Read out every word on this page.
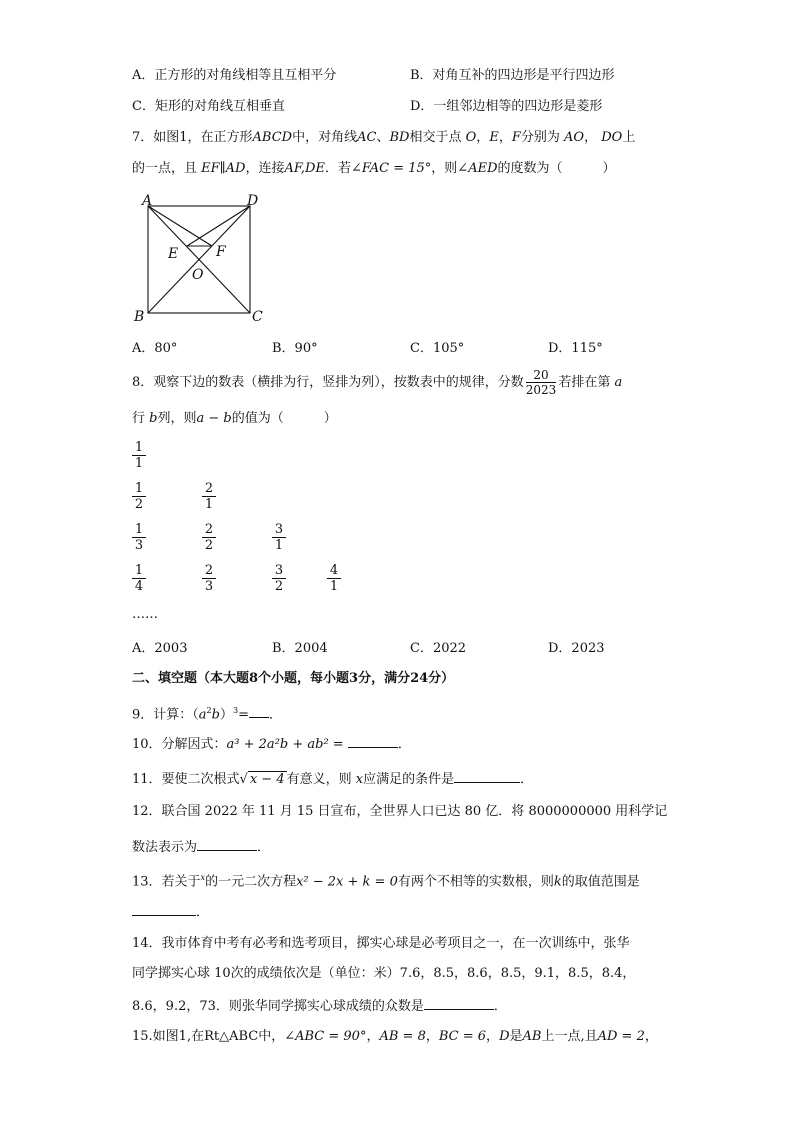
A．正方形的对角线相等且互相平分	B．对角互补的四边形是平行四边形
C．矩形的对角线互相垂直	D．一组邻边相等的四边形是菱形
7．如图1，在正方形ABCD中，对角线AC、BD相交于点 O，E，F分别为 AO， DO上
的一点，且 EF∥AD，连接AF,DE．若∠FAC = 15°，则∠AED的度数为（	）
A	D
B	C
E	F
O
A．80°	B．90°	C．105°	D．115°
8．观察下边的数表（横排为行，竖排为列），按数表中的规律，分数 $\frac{20}{2023}$ 若排在第 a
行 b列，则a − b的值为（	）
$\frac{1}{1}$
$\frac{1}{2}$	$\frac{2}{1}$
$\frac{1}{3}$	$\frac{2}{2}$	$\frac{3}{1}$
$\frac{1}{4}$	$\frac{2}{3}$	$\frac{3}{2}$	$\frac{4}{1}$
……
A．2003	B．2004	C．2022	D．2023
二、填空题（本大题8个小题，每小题3分，满分24分）
9．计算：$(a^2b)^3=$ ．
10．分解因式：a³ + 2a²b + ab² =	．
11．要使二次根式√ x − 4 有意义，则 x应满足的条件是	．
12．联合国 2022 年 11 月 15 日宣布，全世界人口已达 80 亿．将 8000000000 用科学记
数法表示为	．
13．若关于$^x$的一元二次方程x² − 2x + k = 0有两个不相等的实数根，则k的取值范围是
．
14．我市体育中考有必考和选考项目，掷实心球是必考项目之一，在一次训练中，张华
同学掷实心球 10次的成绩依次是（单位：米）7.6，8.5，8.6，8.5，9.1，8.5，8.4，
8.6，9.2，73．则张华同学掷实心球成绩的众数是	．
15.如图1,在Rt△ABC中，∠ABC = 90°，AB = 8，BC = 6，D是AB上一点,且AD = 2，
